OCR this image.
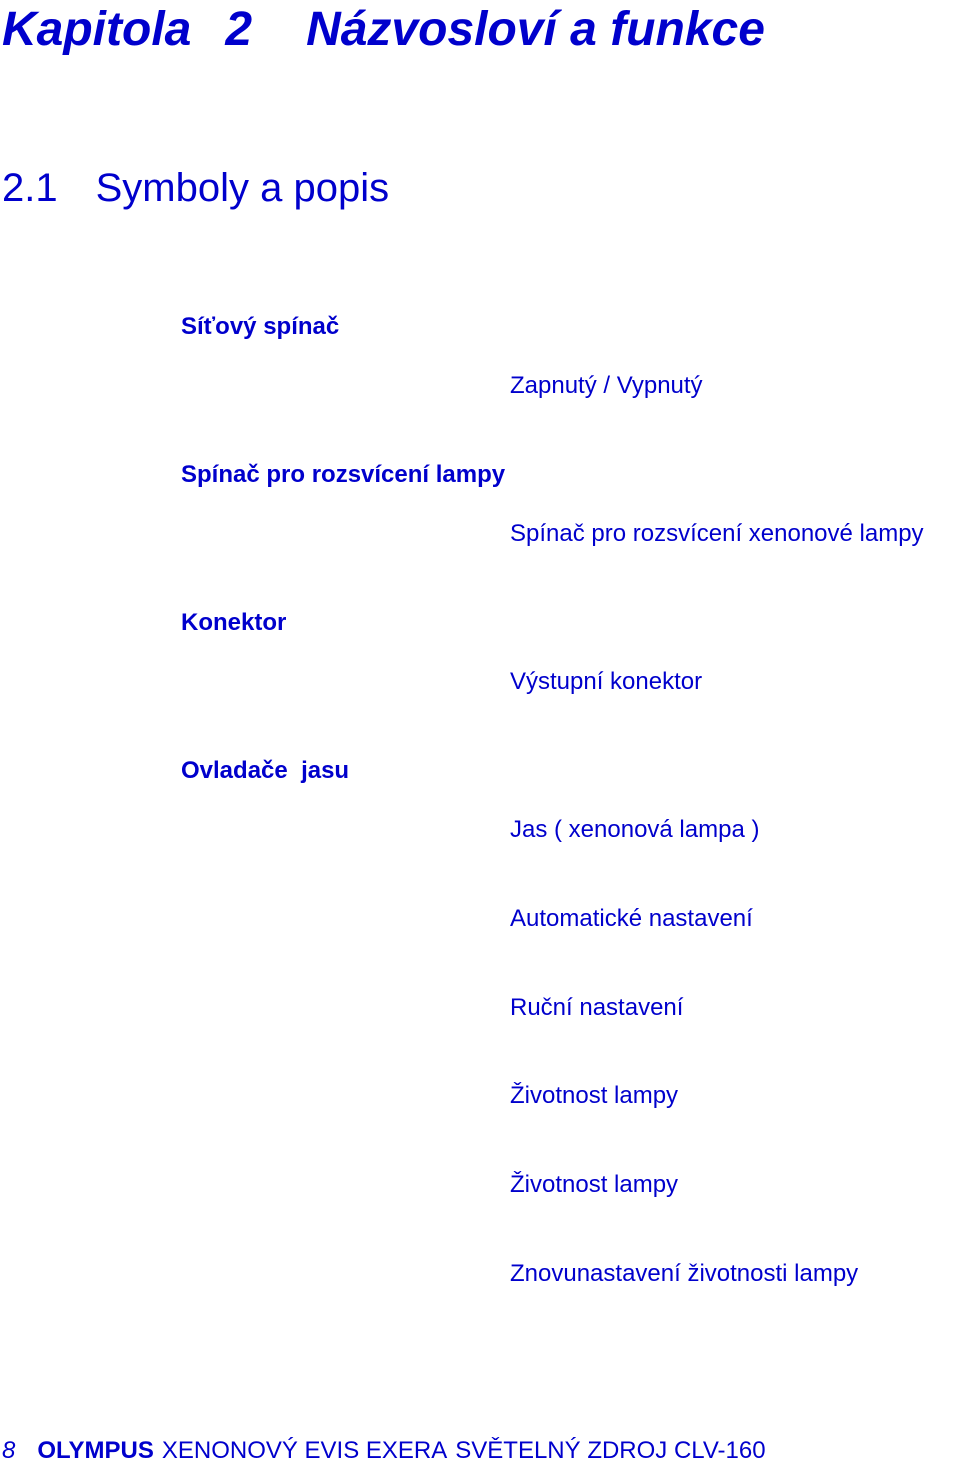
Kapitola 2 Názvosloví a funkce
2.1 Symboly a popis
Síťový spínač
Zapnutý / Vypnutý
Spínač pro rozsvícení lampy
Spínač pro rozsvícení xenonové lampy
Konektor
Výstupní konektor
Ovladače  jasu
Jas ( xenonová lampa )
Automatické nastavení
Ruční nastavení
Životnost lampy
Životnost lampy
Znovunastavení životnosti lampy
8 OLYMPUS XENONOVÝ EVIS EXERA SVĚTELNÝ ZDROJ CLV-160
